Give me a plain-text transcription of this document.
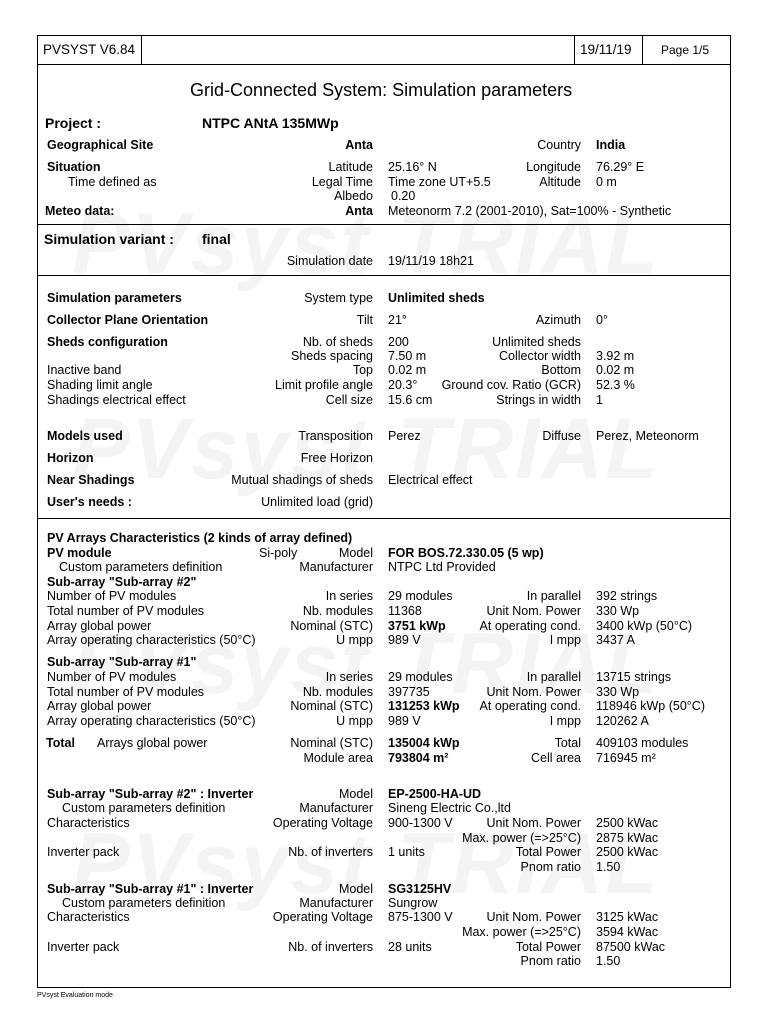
PVSYST V6.84	19/11/19 Page 1/5
Grid-Connected System: Simulation parameters
Project :	NTPC ANtA 135MWp
Geographical Site	Anta	Country India
Situation	Latitude 25.16° N	Longitude 76.29° E
Time defined as	Legal Time Time zone UT+5.5	Altitude 0 m
Albedo 0.20
Meteo data:	Anta Meteonorm 7.2 (2001-2010), Sat=100% - Synthetic
Simulation variant : final
Simulation date 19/11/19 18h21
Simulation parameters	System type Unlimited sheds
Collector Plane Orientation	Tilt 21°	Azimuth 0°
Sheds configuration	Nb. of sheds 200	Unlimited sheds
Sheds spacing 7.50 m	Collector width 3.92 m
Inactive band	Top 0.02 m	Bottom 0.02 m
Shading limit angle	Limit profile angle 20.3° Ground cov. Ratio (GCR) 52.3 %
Shadings electrical effect	Cell size 15.6 cm	Strings in width 1
Models used	Transposition Perez	Diffuse Perez, Meteonorm
Horizon	Free Horizon
Near Shadings	Mutual shadings of sheds Electrical effect
User's needs :	Unlimited load (grid)
PV Arrays Characteristics (2 kinds of array defined)
PV module	Si-poly	Model FOR BOS.72.330.05 (5 wp)
Custom parameters definition	Manufacturer NTPC Ltd Provided
Sub-array "Sub-array #2"
Number of PV modules	In series 29 modules	In parallel 392 strings
Total number of PV modules	Nb. modules 11368	Unit Nom. Power 330 Wp
Array global power	Nominal (STC) 3751 kWp	At operating cond. 3400 kWp (50°C)
Array operating characteristics (50°C)	U mpp 989 V	I mpp 3437 A
Sub-array "Sub-array #1"
Number of PV modules	In series 29 modules	In parallel 13715 strings
Total number of PV modules	Nb. modules 397735	Unit Nom. Power 330 Wp
Array global power	Nominal (STC) 131253 kWp At operating cond. 118946 kWp (50°C)
Array operating characteristics (50°C)	U mpp 989 V	I mpp 120262 A
Total Arrays global power	Nominal (STC) 135004 kWp	Total 409103 modules
Module area 793804 m²	Cell area 716945 m²
Sub-array "Sub-array #2" : Inverter	Model EP-2500-HA-UD
Custom parameters definition	Manufacturer Sineng Electric Co.,ltd
Characteristics	Operating Voltage 900-1300 V	Unit Nom. Power 2500 kWac
Max. power (=>25°C) 2875 kWac
Inverter pack	Nb. of inverters 1 units	Total Power 2500 kWac
Pnom ratio 1.50
Sub-array "Sub-array #1" : Inverter	Model SG3125HV
Custom parameters definition	Manufacturer Sungrow
Characteristics	Operating Voltage 875-1300 V	Unit Nom. Power 3125 kWac
Max. power (=>25°C) 3594 kWac
Inverter pack	Nb. of inverters 28 units	Total Power 87500 kWac
Pnom ratio 1.50
PVsyst Evaluation mode
